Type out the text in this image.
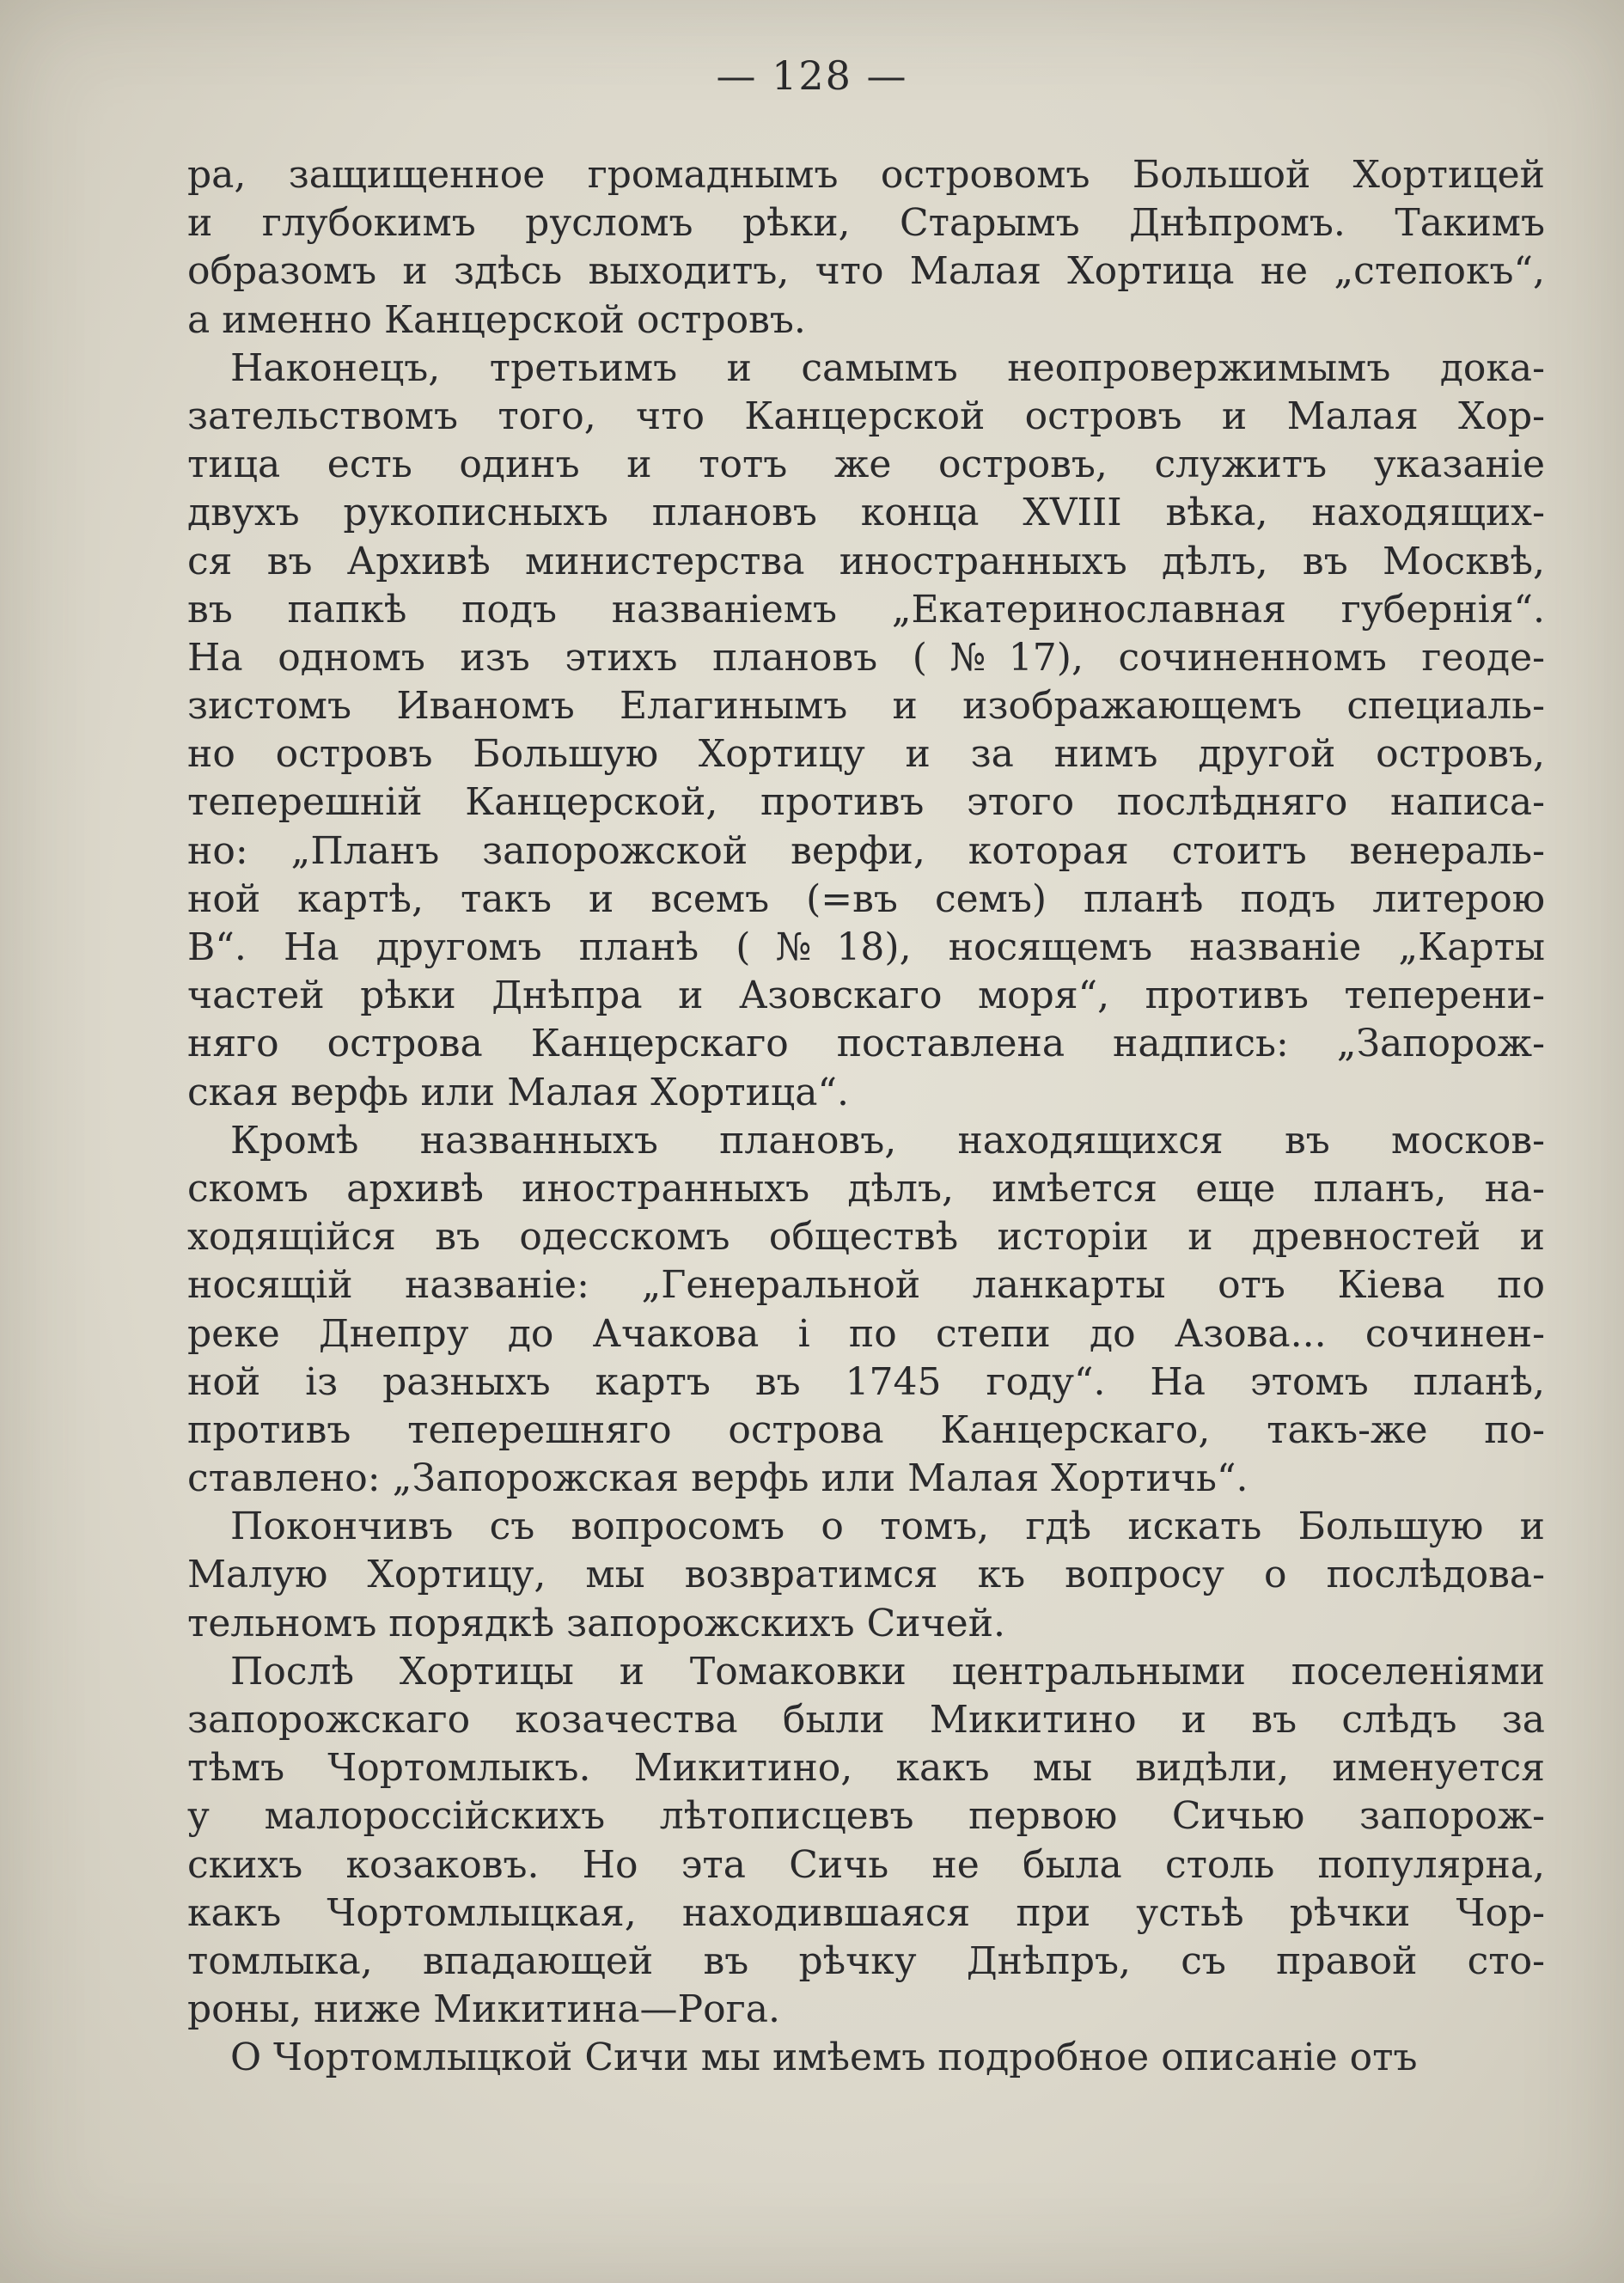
— 128 —
ра, защищенное громаднымъ островомъ Большой Хортицей
и глубокимъ русломъ рѣки, Старымъ Днѣпромъ. Такимъ
образомъ и здѣсь выходитъ, что Малая Хортица не „степокъ“,
а именно Канцерской островъ.
Наконецъ, третьимъ и самымъ неопровержимымъ дока-
зательствомъ того, что Канцерской островъ и Малая Хор-
тица есть одинъ и тотъ же островъ, служитъ указаніе
двухъ рукописныхъ плановъ конца XVIII вѣка, находящих-
ся въ Архивѣ министерства иностранныхъ дѣлъ, въ Москвѣ,
въ папкѣ подъ названіемъ „Екатеринославная губернія“.
На одномъ изъ этихъ плановъ (№17), сочиненномъ геоде-
зистомъ Иваномъ Елагинымъ и изображающемъ специаль-
но островъ Большую Хортицу и за нимъ другой островъ,
теперешній Канцерской, противъ этого послѣдняго написа-
но: „Планъ запорожской верфи, которая стоитъ венераль-
ной картѣ, такъ и всемъ (=въ семъ) планѣ подъ литерою
В“. На другомъ планѣ (№18), носящемъ названіе „Карты
частей рѣки Днѣпра и Азовскаго моря“, противъ теперени-
няго острова Канцерскаго поставлена надпись: „Запорож-
ская верфь или Малая Хортица“.
Кромѣ названныхъ плановъ, находящихся въ москов-
скомъ архивѣ иностранныхъ дѣлъ, имѣется еще планъ, на-
ходящійся въ одесскомъ обществѣ исторіи и древностей и
носящій названіе: „Генеральной ланкарты отъ Кіева по
реке Днепру до Ачакова і по степи до Азова... сочинен-
ной із разныхъ картъ въ 1745 году“. На этомъ планѣ,
противъ теперешняго острова Канцерскаго, такъ-же по-
ставлено: „Запорожская верфь или Малая Хортичь“.
Покончивъ съ вопросомъ о томъ, гдѣ искать Большую и
Малую Хортицу, мы возвратимся къ вопросу о послѣдова-
тельномъ порядкѣ запорожскихъ Сичей.
Послѣ Хортицы и Томаковки центральными поселеніями
запорожскаго козачества были Микитино и въ слѣдъ за
тѣмъ Чортомлыкъ. Микитино, какъ мы видѣли, именуется
у малороссійскихъ лѣтописцевъ первою Сичью запорож-
скихъ козаковъ. Но эта Сичь не была столь популярна,
какъ Чортомлыцкая, находившаяся при устьѣ рѣчки Чор-
томлыка, впадающей въ рѣчку Днѣпръ, съ правой сто-
роны, ниже Микитина—Рога.
О Чортомлыцкой Сичи мы имѣемъ подробное описаніе отъ
